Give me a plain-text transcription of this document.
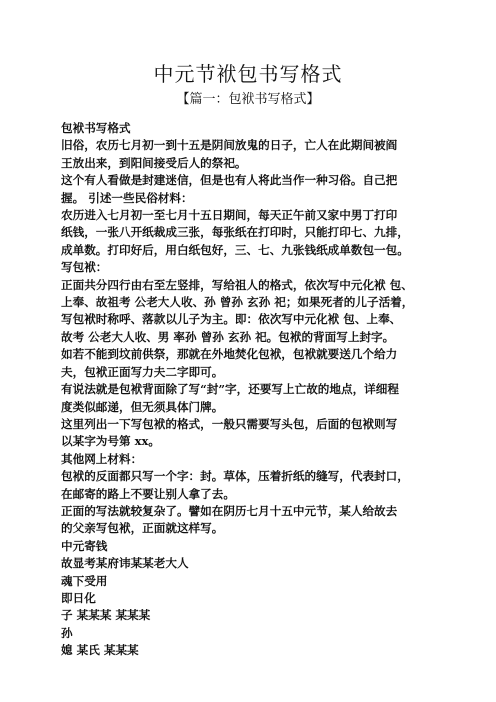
中元节袱包书写格式
【篇一：包袱书写格式】
包袱书写格式
旧俗，农历七月初一到十五是阴间放鬼的日子，亡人在此期间被阎
王放出来，到阳间接受后人的祭祀。
这个有人看做是封建迷信，但是也有人将此当作一种习俗。自己把
握。 引述一些民俗材料：
农历进入七月初一至七月十五日期间，每天正午前又家中男丁打印
纸钱，一张八开纸裁成三张，每张纸在打印时，只能打印七、九排，
成单数。打印好后，用白纸包好，三、七、九张钱纸成单数包一包。
写包袱：
正面共分四行由右至左竖排，写给祖人的格式，依次写中元化袱 包、
上奉、故祖考 公老大人收、孙 曾孙 玄孙 祀；如果死者的儿子活着，
写包袱时称呼、落款以儿子为主。即：依次写中元化袱 包、上奉、
故考 公老大人收、男 率孙 曾孙 玄孙 祀。包袱的背面写上封字。
如若不能到坟前供祭，那就在外地焚化包袱，包袱就要送几个给力
夫，包袱正面写力夫二字即可。
有说法就是包袱背面除了写“封”字，还要写上亡故的地点，详细程
度类似邮递，但无须具体门牌。
这里列出一下写包袱的格式，一般只需要写头包，后面的包袱则写
以某字为号第 xx。
其他网上材料：
包袱的反面都只写一个字：封。草体，压着折纸的缝写，代表封口，
在邮寄的路上不要让别人拿了去。
正面的写法就较复杂了。譬如在阴历七月十五中元节，某人给故去
的父亲写包袱，正面就这样写。
中元寄钱
故显考某府讳某某老大人
魂下受用
即日化
子 某某某 某某某
孙
媳 某氏 某某某
